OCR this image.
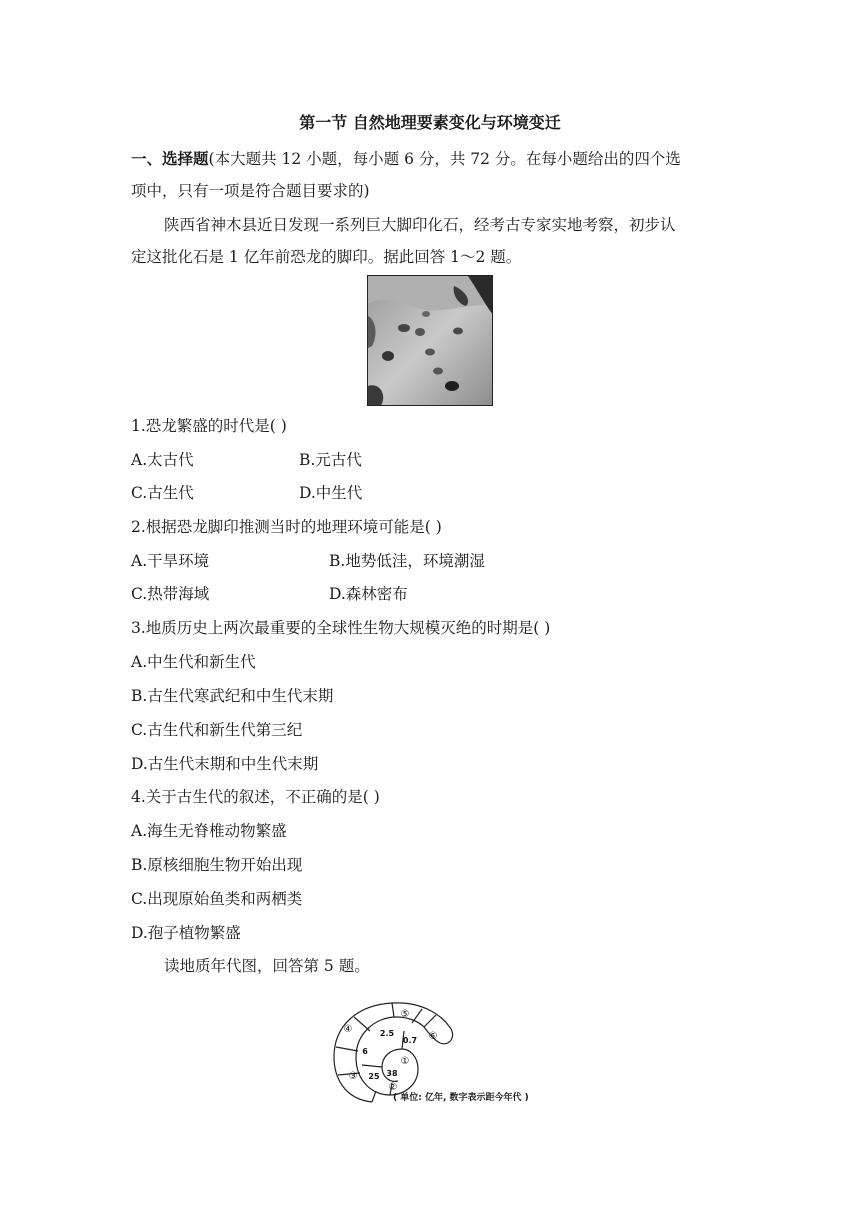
第一节 自然地理要素变化与环境变迁
一、选择题(本大题共 12 小题，每小题 6 分，共 72 分。在每小题给出的四个选
项中，只有一项是符合题目要求的)
陕西省神木县近日发现一系列巨大脚印化石，经考古专家实地考察，初步认
定这批化石是 1 亿年前恐龙的脚印。据此回答 1～2 题。
1.恐龙繁盛的时代是( )
A.太古代	B.元古代
C.古生代	D.中生代
2.根据恐龙脚印推测当时的地理环境可能是( )
A.干旱环境	B.地势低洼，环境潮湿
C.热带海域	D.森林密布
3.地质历史上两次最重要的全球性生物大规模灭绝的时期是( )
A.中生代和新生代
B.古生代寒武纪和中生代末期
C.古生代和新生代第三纪
D.古生代末期和中生代末期
4.关于古生代的叙述，不正确的是( )
A.海生无脊椎动物繁盛
B.原核细胞生物开始出现
C.出现原始鱼类和两栖类
D.孢子植物繁盛
读地质年代图，回答第 5 题。
①
②
③
④
⑤
⑥
38
25
6
2.5
0.7
( 单位: 亿年, 数字表示距今年代 )
